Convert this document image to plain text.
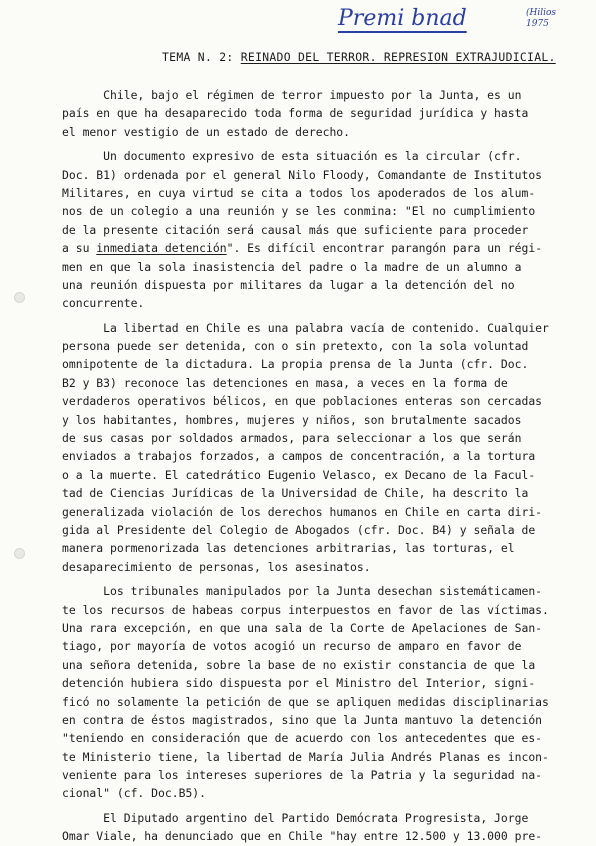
Premi bnad	(Hilios
1975
TEMA N. 2: REINADO DEL TERROR. REPRESION EXTRAJUDICIAL.
Chile, bajo el régimen de terror impuesto por la Junta, es un
país en que ha desaparecido toda forma de seguridad jurídica y hasta
el menor vestigio de un estado de derecho.
Un documento expresivo de esta situación es la circular (cfr.
Doc. B1) ordenada por el general Nilo Floody, Comandante de Institutos
Militares, en cuya virtud se cita a todos los apoderados de los alum-
nos de un colegio a una reunión y se les conmina: "El no cumplimiento
de la presente citación será causal más que suficiente para proceder
a su inmediata detención". Es difícil encontrar parangón para un régi-
men en que la sola inasistencia del padre o la madre de un alumno a
una reunión dispuesta por militares da lugar a la detención del no
concurrente.
La libertad en Chile es una palabra vacía de contenido. Cualquier
persona puede ser detenida, con o sin pretexto, con la sola voluntad
omnipotente de la dictadura. La propia prensa de la Junta (cfr. Doc.
B2 y B3) reconoce las detenciones en masa, a veces en la forma de
verdaderos operativos bélicos, en que poblaciones enteras son cercadas
y los habitantes, hombres, mujeres y niños, son brutalmente sacados
de sus casas por soldados armados, para seleccionar a los que serán
enviados a trabajos forzados, a campos de concentración, a la tortura
o a la muerte. El catedrático Eugenio Velasco, ex Decano de la Facul-
tad de Ciencias Jurídicas de la Universidad de Chile, ha descrito la
generalizada violación de los derechos humanos en Chile en carta diri-
gida al Presidente del Colegio de Abogados (cfr. Doc. B4) y señala de
manera pormenorizada las detenciones arbitrarias, las torturas, el
desaparecimiento de personas, los asesinatos.
Los tribunales manipulados por la Junta desechan sistemáticamen-
te los recursos de habeas corpus interpuestos en favor de las víctimas.
Una rara excepción, en que una sala de la Corte de Apelaciones de San-
tiago, por mayoría de votos acogió un recurso de amparo en favor de
una señora detenida, sobre la base de no existir constancia de que la
detención hubiera sido dispuesta por el Ministro del Interior, signi-
ficó no solamente la petición de que se apliquen medidas disciplinarias
en contra de éstos magistrados, sino que la Junta mantuvo la detención
"teniendo en consideración que de acuerdo con los antecedentes que es-
te Ministerio tiene, la libertad de María Julia Andrés Planas es incon-
veniente para los intereses superiores de la Patria y la seguridad na-
cional" (cf. Doc.B5).
El Diputado argentino del Partido Demócrata Progresista, Jorge
Omar Viale, ha denunciado que en Chile "hay entre 12.500 y 13.000 pre-
